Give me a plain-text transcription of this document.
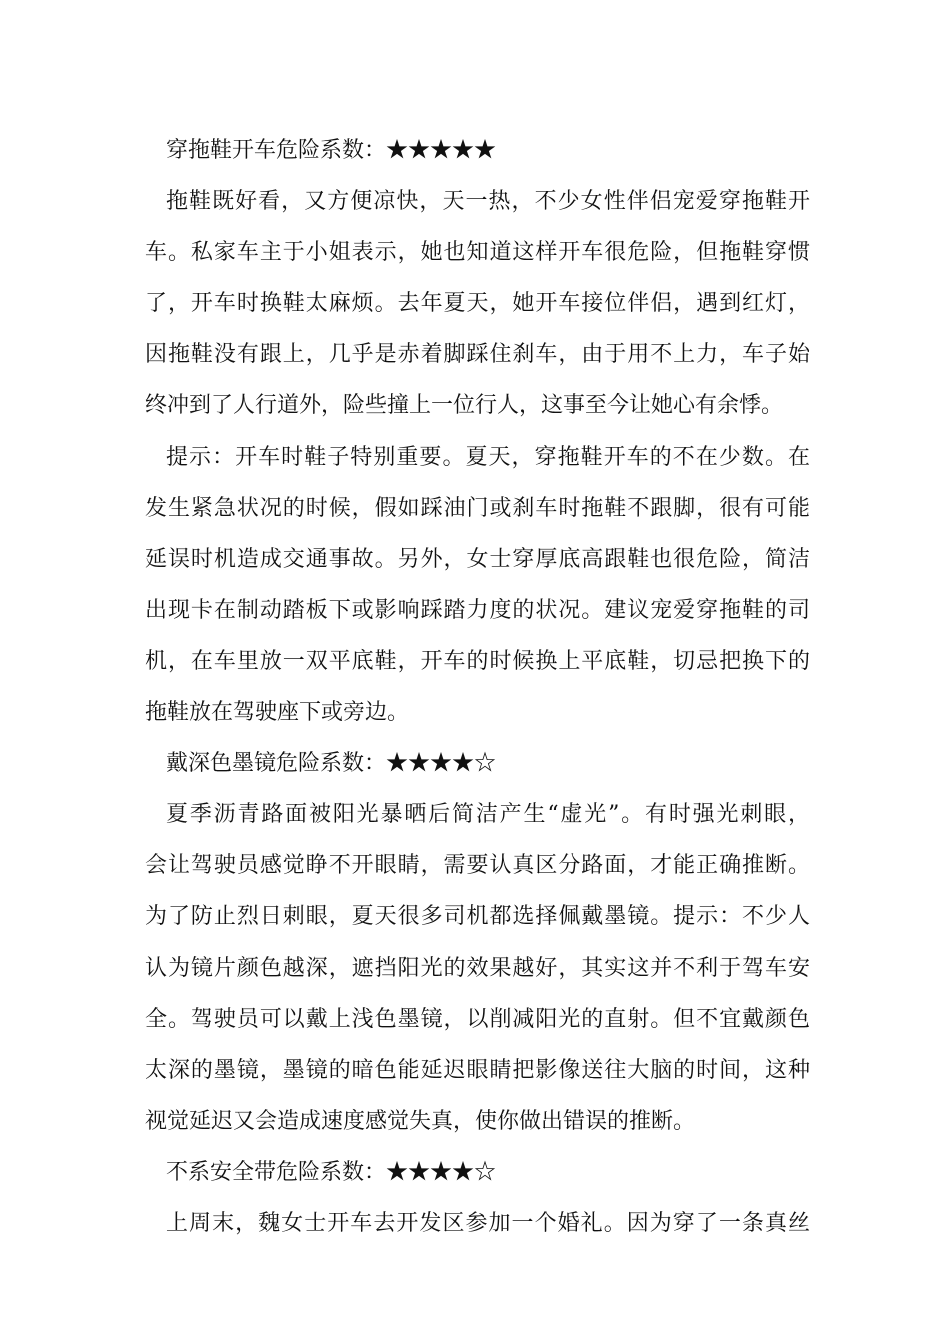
穿拖鞋开车危险系数：★★★★★
拖鞋既好看，又方便凉快，天一热，不少女性伴侣宠爱穿拖鞋开
车。私家车主于小姐表示，她也知道这样开车很危险，但拖鞋穿惯
了，开车时换鞋太麻烦。去年夏天，她开车接位伴侣，遇到红灯，
因拖鞋没有跟上，几乎是赤着脚踩住刹车，由于用不上力，车子始
终冲到了人行道外，险些撞上一位行人，这事至今让她心有余悸。
提示：开车时鞋子特别重要。夏天，穿拖鞋开车的不在少数。在
发生紧急状况的时候，假如踩油门或刹车时拖鞋不跟脚，很有可能
延误时机造成交通事故。另外，女士穿厚底高跟鞋也很危险，简洁
出现卡在制动踏板下或影响踩踏力度的状况。建议宠爱穿拖鞋的司
机，在车里放一双平底鞋，开车的时候换上平底鞋，切忌把换下的
拖鞋放在驾驶座下或旁边。
戴深色墨镜危险系数：★★★★☆
夏季沥青路面被阳光暴晒后简洁产生“虚光”。有时强光刺眼，
会让驾驶员感觉睁不开眼睛，需要认真区分路面，才能正确推断。
为了防止烈日刺眼，夏天很多司机都选择佩戴墨镜。提示：不少人
认为镜片颜色越深，遮挡阳光的效果越好，其实这并不利于驾车安
全。驾驶员可以戴上浅色墨镜，以削减阳光的直射。但不宜戴颜色
太深的墨镜，墨镜的暗色能延迟眼睛把影像送往大脑的时间，这种
视觉延迟又会造成速度感觉失真，使你做出错误的推断。
不系安全带危险系数：★★★★☆
上周末，魏女士开车去开发区参加一个婚礼。因为穿了一条真丝
